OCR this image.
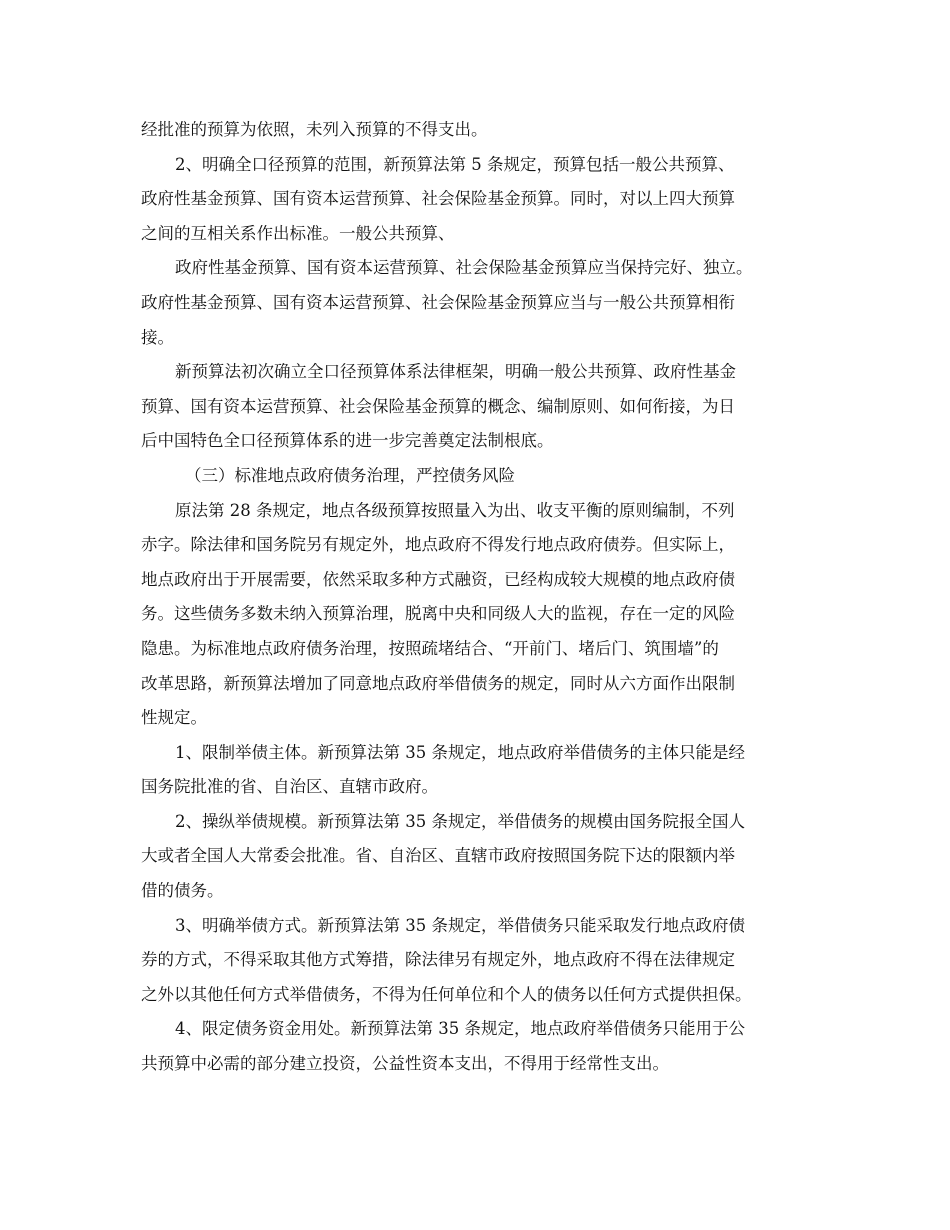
经批准的预算为依照，未列入预算的不得支出。
2、明确全口径预算的范围，新预算法第 5 条规定，预算包括一般公共预算、
政府性基金预算、国有资本运营预算、社会保险基金预算。同时，对以上四大预算
之间的互相关系作出标准。一般公共预算、
政府性基金预算、国有资本运营预算、社会保险基金预算应当保持完好、独立。
政府性基金预算、国有资本运营预算、社会保险基金预算应当与一般公共预算相衔
接。
新预算法初次确立全口径预算体系法律框架，明确一般公共预算、政府性基金
预算、国有资本运营预算、社会保险基金预算的概念、编制原则、如何衔接，为日
后中国特色全口径预算体系的进一步完善奠定法制根底。
（三）标准地点政府债务治理，严控债务风险
原法第 28 条规定，地点各级预算按照量入为出、收支平衡的原则编制，不列
赤字。除法律和国务院另有规定外，地点政府不得发行地点政府债券。但实际上，
地点政府出于开展需要，依然采取多种方式融资，已经构成较大规模的地点政府债
务。这些债务多数未纳入预算治理，脱离中央和同级人大的监视，存在一定的风险
隐患。为标准地点政府债务治理，按照疏堵结合、“开前门、堵后门、筑围墙”的
改革思路，新预算法增加了同意地点政府举借债务的规定，同时从六方面作出限制
性规定。
1、限制举债主体。新预算法第 35 条规定，地点政府举借债务的主体只能是经
国务院批准的省、自治区、直辖市政府。
2、操纵举债规模。新预算法第 35 条规定，举借债务的规模由国务院报全国人
大或者全国人大常委会批准。省、自治区、直辖市政府按照国务院下达的限额内举
借的债务。
3、明确举债方式。新预算法第 35 条规定，举借债务只能采取发行地点政府债
券的方式，不得采取其他方式筹措，除法律另有规定外，地点政府不得在法律规定
之外以其他任何方式举借债务，不得为任何单位和个人的债务以任何方式提供担保。
4、限定债务资金用处。新预算法第 35 条规定，地点政府举借债务只能用于公
共预算中必需的部分建立投资，公益性资本支出，不得用于经常性支出。
